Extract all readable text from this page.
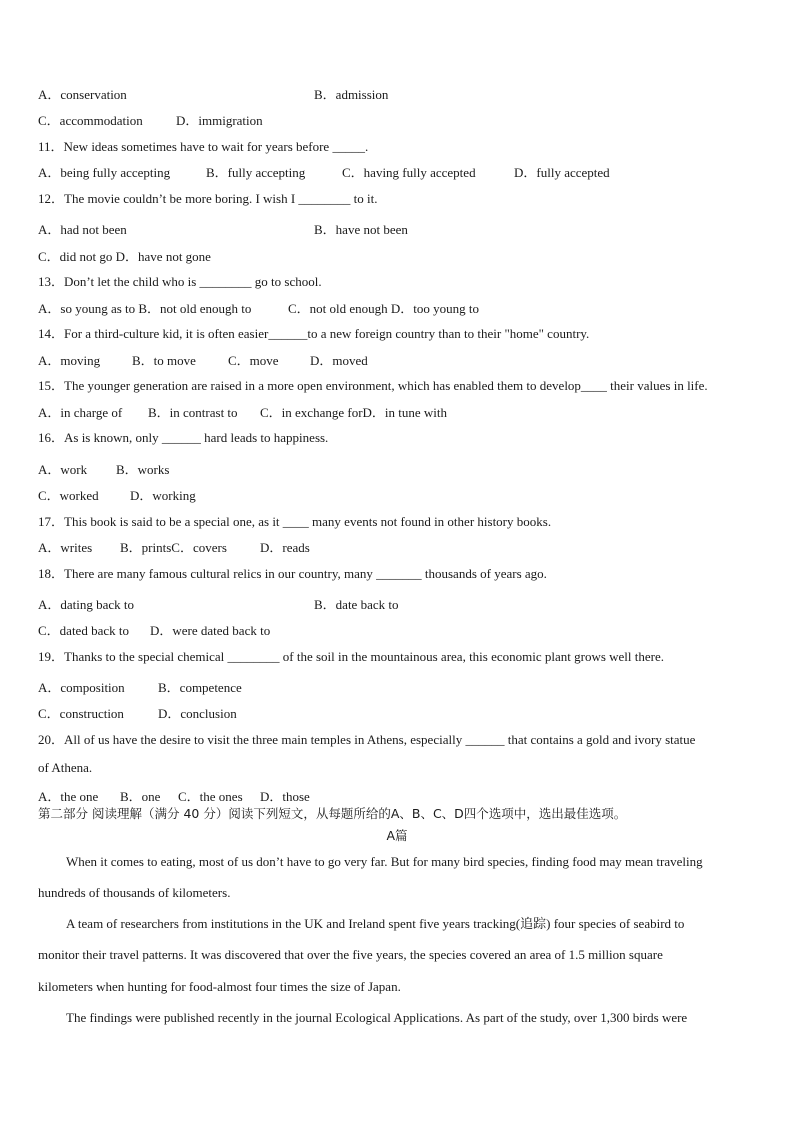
A．conservation	B．admission
C．accommodation	D．immigration
11．New ideas sometimes have to wait for years before _____.
A．being fully accepting	B．fully accepting	C．having fully accepted	D．fully accepted
12．The movie couldn’t be more boring. I wish I ________ to it.
A．had not been	B．have not been
C．did not go D．have not gone
13．Don’t let the child who is ________ go to school.
A．so young as to B．not old enough to	C．not old enough D．too young to
14．For a third-culture kid, it is often easier______to a new foreign country than to their "home" country.
A．moving B．to move C．move D．moved
15．The younger generation are raised in a more open environment, which has enabled them to develop____ their values in life.
A．in charge of B．in contrast to C．in exchange forD．in tune with
16．As is known, only ______ hard leads to happiness.
A．work B．works
C．worked D．working
17．This book is said to be a special one, as it ____ many events not found in other history books.
A．writes B．printsC．covers	D．reads
18．There are many famous cultural relics in our country, many _______ thousands of years ago.
A．dating back to	B．date back to
C．dated back to D．were dated back to
19．Thanks to the special chemical ________ of the soil in the mountainous area, this economic plant grows well there.
A．composition	B．competence
C．construction	D．conclusion
20．All of us have the desire to visit the three main temples in Athens, especially ______ that contains a gold and ivory statue
of Athena.
A．the one B．one C．the ones D．those
第二部分 阅读理解（满分 40 分）阅读下列短文，从每题所给的A、B、C、D四个选项中，选出最佳选项。
A篇
When it comes to eating, most of us don’t have to go very far. But for many bird species, finding food may mean traveling
hundreds of thousands of kilometers.
A team of researchers from institutions in the UK and Ireland spent five years tracking(追踪) four species of seabird to
monitor their travel patterns. It was discovered that over the five years, the species covered an area of 1.5 million square
kilometers when hunting for food-almost four times the size of Japan.
The findings were published recently in the journal Ecological Applications. As part of the study, over 1,300 birds were
